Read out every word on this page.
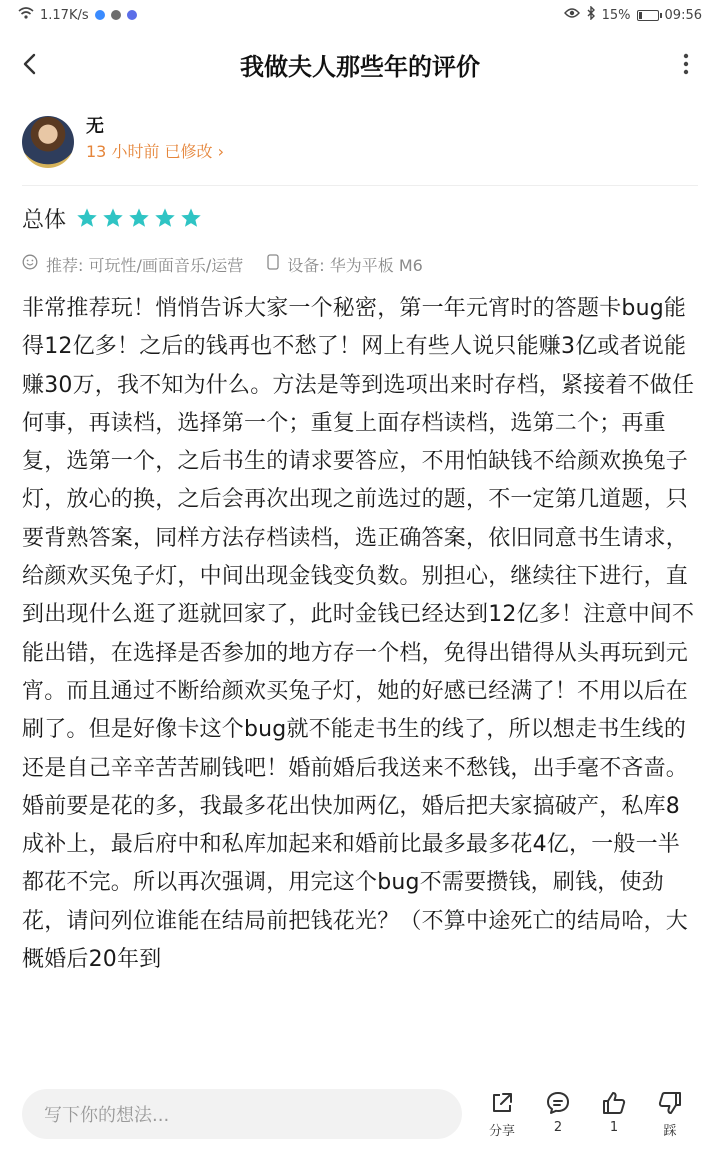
1.17K/s	15%	09:56
我做夫人那些年的评价
无
13 小时前 已修改 ›
总体
推荐: 可玩性/画面音乐/运营	设备: 华为平板 M6
非常推荐玩！悄悄告诉大家一个秘密，第一年元宵时的答题卡bug能得12亿多！之后的钱再也不愁了！网上有些人说只能赚3亿或者说能赚30万，我不知为什么。方法是等到选项出来时存档，紧接着不做任何事，再读档，选择第一个；重复上面存档读档，选第二个；再重复，选第一个，之后书生的请求要答应，不用怕缺钱不给颜欢换兔子灯，放心的换，之后会再次出现之前选过的题，不一定第几道题，只要背熟答案，同样方法存档读档，选正确答案，依旧同意书生请求，给颜欢买兔子灯，中间出现金钱变负数。别担心，继续往下进行，直到出现什么逛了逛就回家了，此时金钱已经达到12亿多！注意中间不能出错，在选择是否参加的地方存一个档，免得出错得从头再玩到元宵。而且通过不断给颜欢买兔子灯，她的好感已经满了！不用以后在刷了。但是好像卡这个bug就不能走书生的线了，所以想走书生线的还是自己辛辛苦苦刷钱吧！婚前婚后我送来不愁钱，出手毫不吝啬。婚前要是花的多，我最多花出快加两亿，婚后把夫家搞破产，私库8成补上，最后府中和私库加起来和婚前比最多最多花4亿，一般一半都花不完。所以再次强调，用完这个bug不需要攒钱，刷钱，使劲花，请问列位谁能在结局前把钱花光？（不算中途死亡的结局哈，大概婚后20年到
写下你的想法...
分享	2	1	踩
